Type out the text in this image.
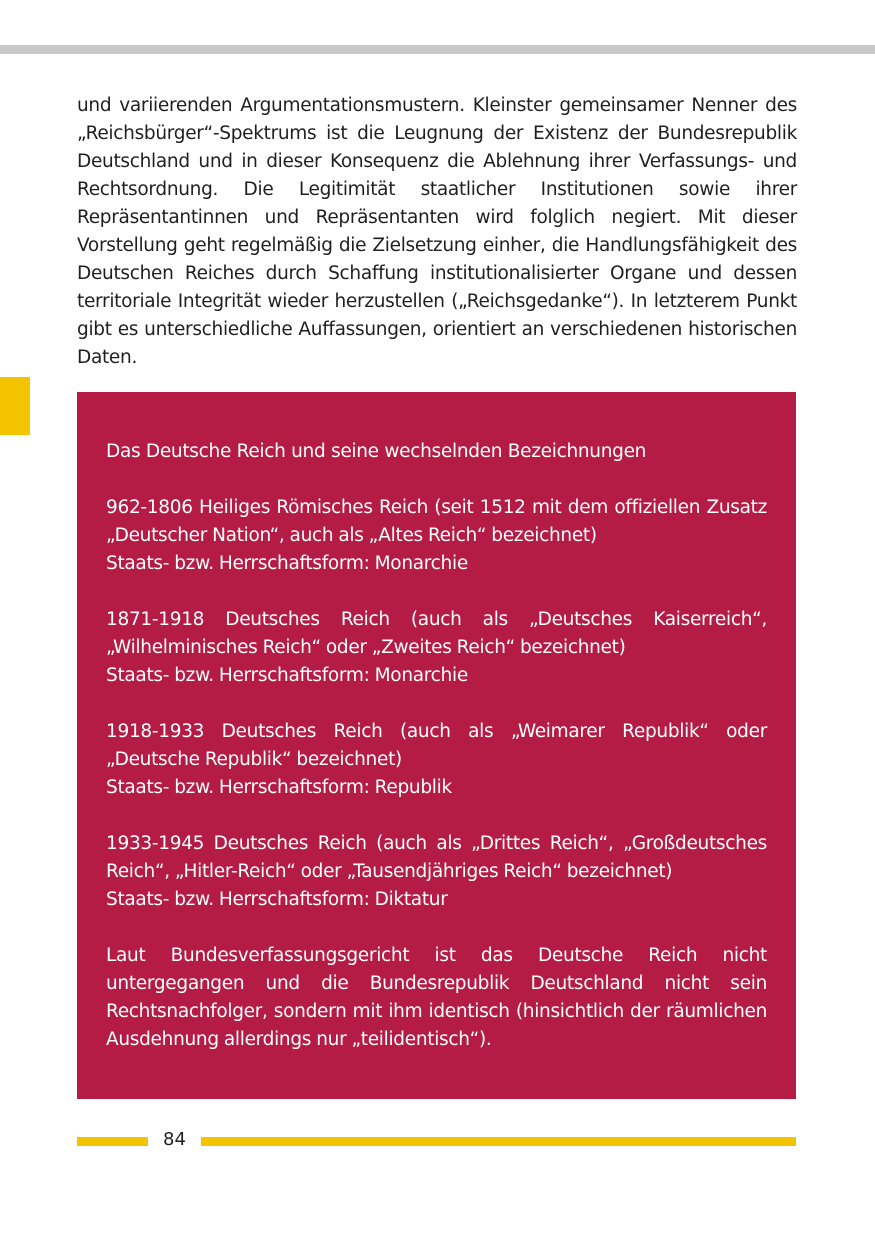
und variierenden Argumentationsmustern. Kleinster gemeinsamer Nenner des „Reichsbürger“-Spektrums ist die Leugnung der Existenz der Bundesrepublik Deutschland und in dieser Konsequenz die Ablehnung ihrer Verfassungs- und Rechtsordnung. Die Legitimität staatlicher Institutionen sowie ihrer Repräsentantinnen und Repräsentanten wird folglich negiert. Mit dieser Vorstellung geht regelmäßig die Zielsetzung einher, die Handlungsfähigkeit des Deutschen Reiches durch Schaffung institutionalisierter Organe und dessen territoriale Integrität wieder herzustellen („Reichsgedanke“). In letzterem Punkt gibt es unterschiedliche Auffassungen, orientiert an verschiedenen historischen Daten.

Das Deutsche Reich und seine wechselnden Bezeichnungen

962-1806 Heiliges Römisches Reich (seit 1512 mit dem offiziellen Zusatz „Deutscher Nation“, auch als „Altes Reich“ bezeichnet)
Staats- bzw. Herrschaftsform: Monarchie

1871-1918 Deutsches Reich (auch als „Deutsches Kaiserreich“, „Wilhelminisches Reich“ oder „Zweites Reich“ bezeichnet)
Staats- bzw. Herrschaftsform: Monarchie

1918-1933 Deutsches Reich (auch als „Weimarer Republik“ oder „Deutsche Republik“ bezeichnet)
Staats- bzw. Herrschaftsform: Republik

1933-1945 Deutsches Reich (auch als „Drittes Reich“, „Großdeutsches Reich“, „Hitler-Reich“ oder „Tausendjähriges Reich“ bezeichnet)
Staats- bzw. Herrschaftsform: Diktatur

Laut Bundesverfassungsgericht ist das Deutsche Reich nicht untergegangen und die Bundesrepublik Deutschland nicht sein Rechtsnachfolger, sondern mit ihm identisch (hinsichtlich der räumlichen Ausdehnung allerdings nur „teilidentisch“).

84
